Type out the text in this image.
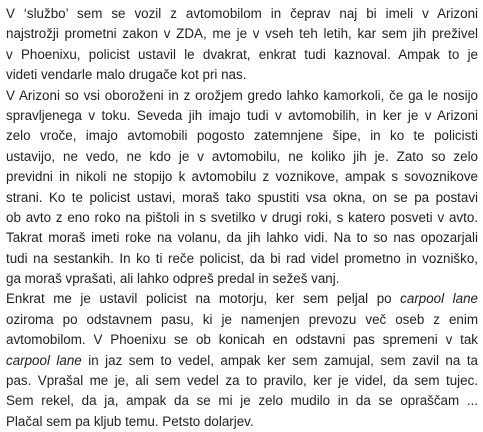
V ‘službo’ sem se vozil z avtomobilom in čeprav naj bi imeli v Arizoni
najstrožji prometni zakon v ZDA, me je v vseh teh letih, kar sem jih preživel
v Phoenixu, policist ustavil le dvakrat, enkrat tudi kaznoval. Ampak to je
videti vendarle malo drugače kot pri nas.
V Arizoni so vsi oboroženi in z orožjem gredo lahko kamorkoli, če ga le nosijo
spravljenega v toku. Seveda jih imajo tudi v avtomobilih, in ker je v Arizoni
zelo vroče, imajo avtomobili pogosto zatemnjene šipe, in ko te policisti
ustavijo, ne vedo, ne kdo je v avtomobilu, ne koliko jih je. Zato so zelo
previdni in nikoli ne stopijo k avtomobilu z voznikove, ampak s sovoznikove
strani. Ko te policist ustavi, moraš tako spustiti vsa okna, on se pa postavi
ob avto z eno roko na pištoli in s svetilko v drugi roki, s katero posveti v avto.
Takrat moraš imeti roke na volanu, da jih lahko vidi. Na to so nas opozarjali
tudi na sestankih. In ko ti reče policist, da bi rad videl prometno in vozniško,
ga moraš vprašati, ali lahko odpreš predal in sežeš vanj.
Enkrat me je ustavil policist na motorju, ker sem peljal po carpool lane
oziroma po odstavnem pasu, ki je namenjen prevozu več oseb z enim
avtomobilom. V Phoenixu se ob konicah en odstavni pas spremeni v tak
carpool lane in jaz sem to vedel, ampak ker sem zamujal, sem zavil na ta
pas. Vprašal me je, ali sem vedel za to pravilo, ker je videl, da sem tujec.
Sem rekel, da ja, ampak da se mi je zelo mudilo in da se opraščam ...
Plačal sem pa kljub temu. Petsto dolarjev.
